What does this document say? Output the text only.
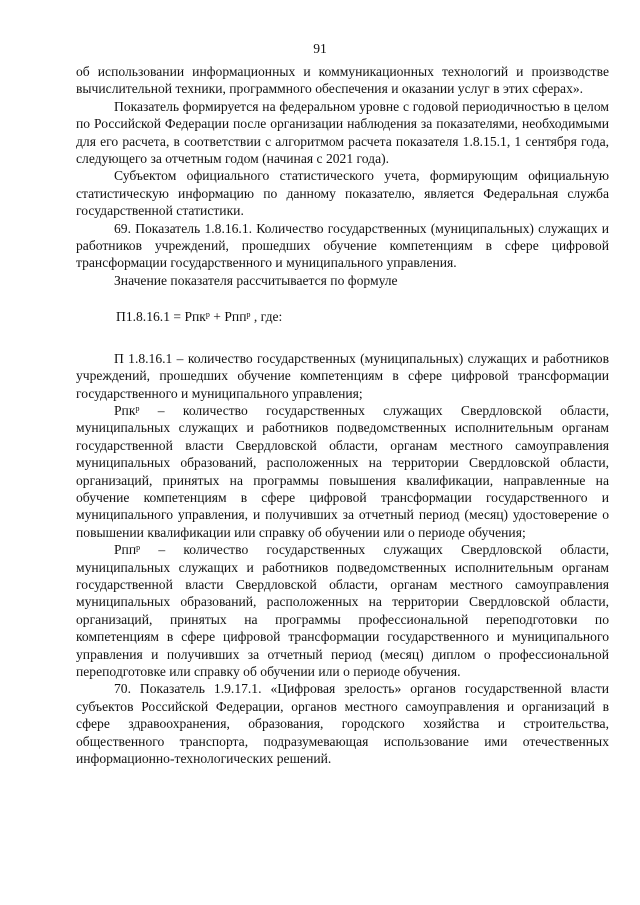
91

об использовании информационных и коммуникационных технологий и производстве вычислительной техники, программного обеспечения и оказании услуг в этих сферах».

Показатель формируется на федеральном уровне с годовой периодичностью в целом по Российской Федерации после организации наблюдения за показателями, необходимыми для его расчета, в соответствии с алгоритмом расчета показателя 1.8.15.1, 1 сентября года, следующего за отчетным годом (начиная с 2021 года).

Субъектом официального статистического учета, формирующим официальную статистическую информацию по данному показателю, является Федеральная служба государственной статистики.

69. Показатель 1.8.16.1. Количество государственных (муниципальных) служащих и работников учреждений, прошедших обучение компетенциям в сфере цифровой трансформации государственного и муниципального управления.

Значение показателя рассчитывается по формуле

П1.8.16.1 = Рпк$^р$ + Рпп$^р$ , где:

П 1.8.16.1 – количество государственных (муниципальных) служащих и работников учреждений, прошедших обучение компетенциям в сфере цифровой трансформации государственного и муниципального управления;

Рпк$^р$ – количество государственных служащих Свердловской области, муниципальных служащих и работников подведомственных исполнительным органам государственной власти Свердловской области, органам местного самоуправления муниципальных образований, расположенных на территории Свердловской области, организаций, принятых на программы повышения квалификации, направленные на обучение компетенциям в сфере цифровой трансформации государственного и муниципального управления, и получивших за отчетный период (месяц) удостоверение о повышении квалификации или справку об обучении или о периоде обучения;

Рпп$^р$ – количество государственных служащих Свердловской области, муниципальных служащих и работников подведомственных исполнительным органам государственной власти Свердловской области, органам местного самоуправления муниципальных образований, расположенных на территории Свердловской области, организаций, принятых на программы профессиональной переподготовки по компетенциям в сфере цифровой трансформации государственного и муниципального управления и получивших за отчетный период (месяц) диплом о профессиональной переподготовке или справку об обучении или о периоде обучения.

70. Показатель 1.9.17.1. «Цифровая зрелость» органов государственной власти субъектов Российской Федерации, органов местного самоуправления и организаций в сфере здравоохранения, образования, городского хозяйства и строительства, общественного транспорта, подразумевающая использование ими отечественных информационно-технологических решений.
